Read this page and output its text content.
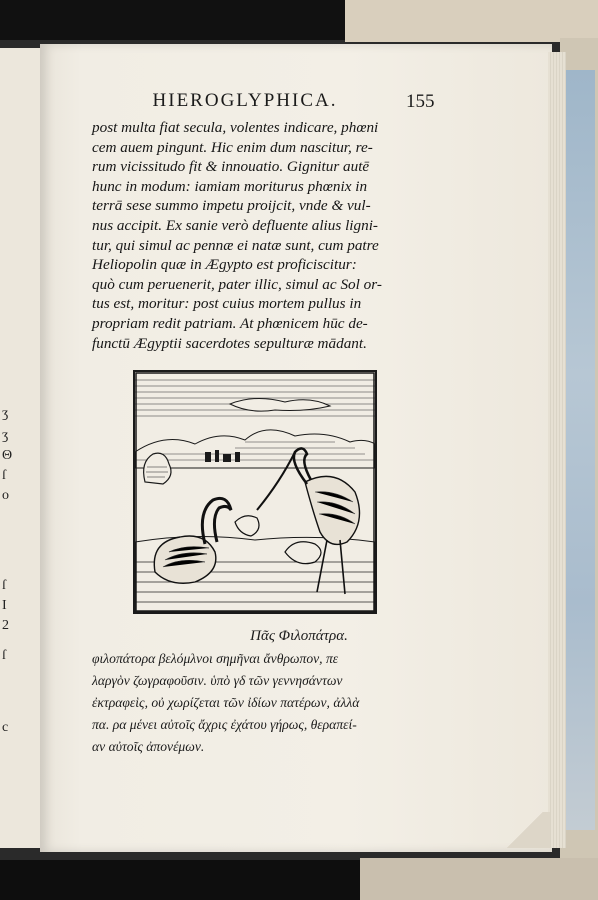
ʒ
ʒ
Θ
ſ
o
ſ
I
2
ſ
c
HIEROGLYPHICA.	155
post multa fiat secula, volentes indicare, phœni
cem auem pingunt. Hic enim dum nascitur, re-
rum vicissitudo fit & innouatio. Gignitur autē
hunc in modum: iamiam moriturus phœnix in
terrā sese summo impetu proijcit, vnde & vul-
nus accipit. Ex sanie verò defluente alius ligni-
tur, qui simul ac pennæ ei natæ sunt, cum patre
Heliopolin quæ in Ægypto est proficiscitur:
quò cum peruenerit, pater illic, simul ac Sol or-
tus est, moritur: post cuius mortem pullus in
propriam redit patriam. At phœnicem hūc de-
functū Ægyptii sacerdotes sepulturæ mādant.
Πᾶς Φιλοπάτρα.
φιλοπάτορα βελόμλνοι σημῆναι ἄνθρωπον, πε
λαργὸν ζωγραφοῦσιν. ὑπὸ γδ τῶν γεννησάντων
ἐκτραφεὶς, οὐ χωρίζεται τῶν ἰδίων πατέρων, ἀλλὰ
πα. ρα μένει αὐτοῖς ἄχρις ἐχάτου γήρως, θεραπεί-
αν αὐτοῖς ἀπονέμων.
